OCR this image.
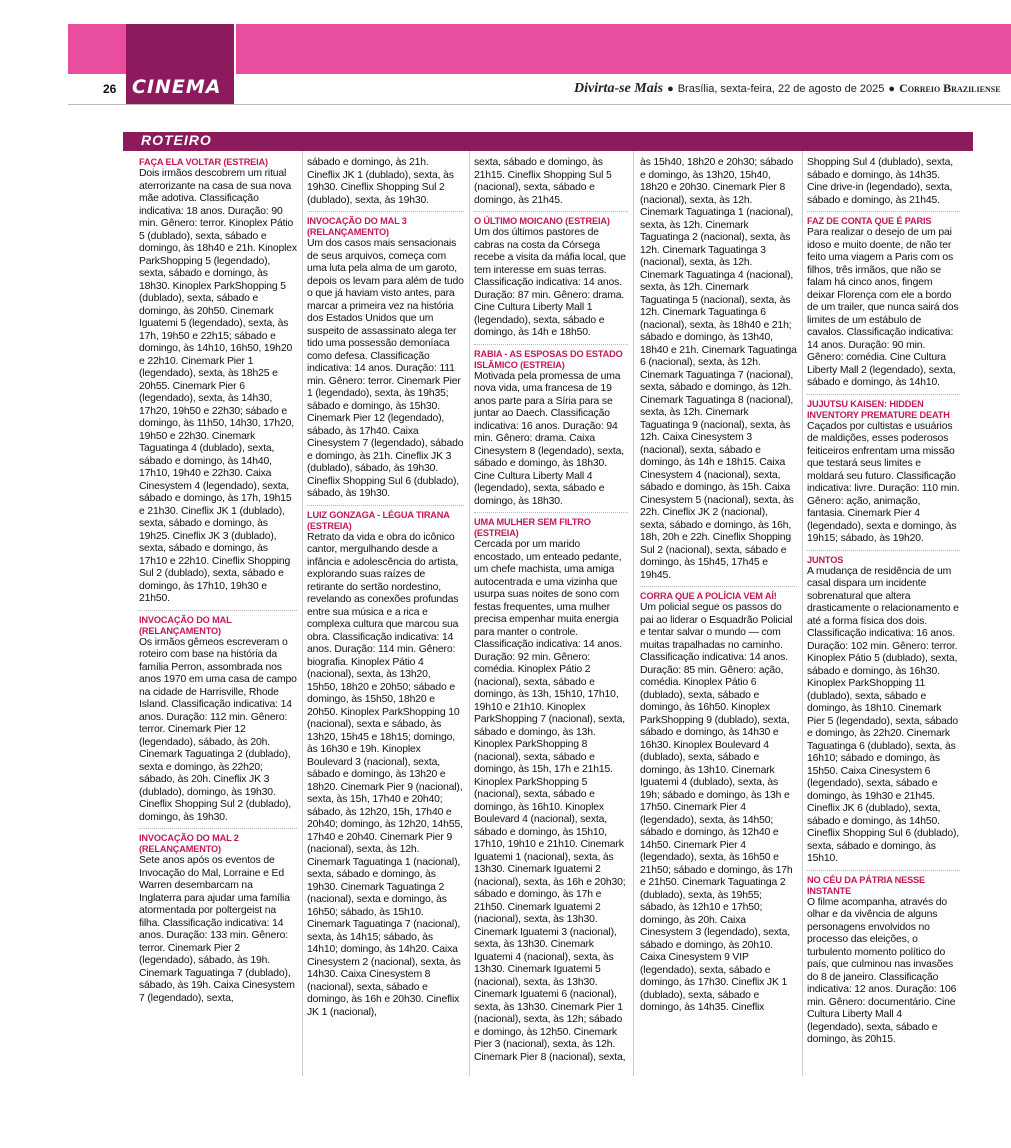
CINEMA
26	Divirta-se Mais ● Brasília, sexta-feira, 22 de agosto de 2025 ● Correio Braziliense
ROTEIRO
FAÇA ELA VOLTAR (ESTREIA)
Dois irmãos descobrem um ritual aterrorizante na casa de sua nova mãe adotiva. Classificação indicativa: 18 anos. Duração: 90 min. Gênero: terror. Kinoplex Pátio 5 (dublado), sexta, sábado e domingo, às 18h40 e 21h. Kinoplex ParkShopping 5 (legendado), sexta, sábado e domingo, às 18h30. Kinoplex ParkShopping 5 (dublado), sexta, sábado e domingo, às 20h50. Cinemark Iguatemi 5 (legendado), sexta, às 17h, 19h50 e 22h15; sábado e domingo, às 14h10, 16h50, 19h20 e 22h10. Cinemark Pier 1 (legendado), sexta, às 18h25 e 20h55. Cinemark Pier 6 (legendado), sexta, às 14h30, 17h20, 19h50 e 22h30; sábado e domingo, às 11h50, 14h30, 17h20, 19h50 e 22h30. Cinemark Taguatinga 4 (dublado), sexta, sábado e domingo, às 14h40, 17h10, 19h40 e 22h30. Caixa Cinesystem 4 (legendado), sexta, sábado e domingo, às 17h, 19h15 e 21h30. Cineflix JK 1 (dublado), sexta, sábado e domingo, às 19h25. Cineflix JK 3 (dublado), sexta, sábado e domingo, às 17h10 e 22h10. Cineflix Shopping Sul 2 (dublado), sexta, sábado e domingo, às 17h10, 19h30 e 21h50.
INVOCAÇÃO DO MAL (RELANÇAMENTO)
Os irmãos gêmeos escreveram o roteiro com base na história da família Perron, assombrada nos anos 1970 em uma casa de campo na cidade de Harrisville, Rhode Island. Classificação indicativa: 14 anos. Duração: 112 min. Gênero: terror. Cinemark Pier 12 (legendado), sábado, às 20h. Cinemark Taguatinga 2 (dublado), sexta e domingo, às 22h20; sábado, às 20h. Cineflix JK 3 (dublado), domingo, às 19h30. Cineflix Shopping Sul 2 (dublado), domingo, às 19h30.
INVOCAÇÃO DO MAL 2 (RELANÇAMENTO)
Sete anos após os eventos de Invocação do Mal, Lorraine e Ed Warren desembarcam na Inglaterra para ajudar uma família atormentada por poltergeist na filha. Classificação indicativa: 14 anos. Duração: 133 min. Gênero: terror. Cinemark Pier 2 (legendado), sábado, às 19h. Cinemark Taguatinga 7 (dublado), sábado, às 19h. Caixa Cinesystem 7 (legendado), sexta,
sábado e domingo, às 21h. Cineflix JK 1 (dublado), sexta, às 19h30. Cineflix Shopping Sul 2 (dublado), sexta, às 19h30.
INVOCAÇÃO DO MAL 3 (RELANÇAMENTO)
Um dos casos mais sensacionais de seus arquivos, começa com uma luta pela alma de um garoto, depois os levam para além de tudo o que já haviam visto antes, para marcar a primeira vez na história dos Estados Unidos que um suspeito de assassinato alega ter tido uma possessão demoníaca como defesa. Classificação indicativa: 14 anos. Duração: 111 min. Gênero: terror. Cinemark Pier 1 (legendado), sexta, às 19h35; sábado e domingo, às 15h30. Cinemark Pier 12 (legendado), sábado, às 17h40. Caixa Cinesystem 7 (legendado), sábado e domingo, às 21h. Cineflix JK 3 (dublado), sábado, às 19h30. Cineflix Shopping Sul 6 (dublado), sábado, às 19h30.
LUIZ GONZAGA - LÉGUA TIRANA (ESTREIA)
Retrato da vida e obra do icônico cantor, mergulhando desde a infância e adolescência do artista, explorando suas raízes de retirante do sertão nordestino, revelando as conexões profundas entre sua música e a rica e complexa cultura que marcou sua obra. Classificação indicativa: 14 anos. Duração: 114 min. Gênero: biografia. Kinoplex Pátio 4 (nacional), sexta, às 13h20, 15h50, 18h20 e 20h50; sábado e domingo, às 15h50, 18h20 e 20h50. Kinoplex ParkShopping 10 (nacional), sexta e sábado, às 13h20, 15h45 e 18h15; domingo, às 16h30 e 19h. Kinoplex Boulevard 3 (nacional), sexta, sábado e domingo, às 13h20 e 18h20. Cinemark Pier 9 (nacional), sexta, às 15h, 17h40 e 20h40; sábado, às 12h20, 15h, 17h40 e 20h40; domingo, às 12h20, 14h55, 17h40 e 20h40. Cinemark Pier 9 (nacional), sexta, às 12h. Cinemark Taguatinga 1 (nacional), sexta, sábado e domingo, às 19h30. Cinemark Taguatinga 2 (nacional), sexta e domingo, às 16h50; sábado, às 15h10. Cinemark Taguatinga 7 (nacional), sexta, às 14h15; sábado, às 14h10; domingo, às 14h20. Caixa Cinesystem 2 (nacional), sexta, às 14h30. Caixa Cinesystem 8 (nacional), sexta, sábado e domingo, às 16h e 20h30. Cineflix JK 1 (nacional),
sexta, sábado e domingo, às 21h15. Cineflix Shopping Sul 5 (nacional), sexta, sábado e domingo, às 21h45.
O ÚLTIMO MOICANO (ESTREIA)
Um dos últimos pastores de cabras na costa da Córsega recebe a visita da máfia local, que tem interesse em suas terras. Classificação indicativa: 14 anos. Duração: 87 min. Gênero: drama. Cine Cultura Liberty Mall 1 (legendado), sexta, sábado e domingo, às 14h e 18h50.
RABIA - AS ESPOSAS DO ESTADO ISLÂMICO (ESTREIA)
Motivada pela promessa de uma nova vida, uma francesa de 19 anos parte para a Síria para se juntar ao Daech. Classificação indicativa: 16 anos. Duração: 94 min. Gênero: drama. Caixa Cinesystem 8 (legendado), sexta, sábado e domingo, às 18h30. Cine Cultura Liberty Mall 4 (legendado), sexta, sábado e domingo, às 18h30.
UMA MULHER SEM FILTRO (ESTREIA)
Cercada por um marido encostado, um enteado pedante, um chefe machista, uma amiga autocentrada e uma vizinha que usurpa suas noites de sono com festas frequentes, uma mulher precisa empenhar muita energia para manter o controle. Classificação indicativa: 14 anos. Duração: 92 min. Gênero: comédia. Kinoplex Pátio 2 (nacional), sexta, sábado e domingo, às 13h, 15h10, 17h10, 19h10 e 21h10. Kinoplex ParkShopping 7 (nacional), sexta, sábado e domingo, às 13h. Kinoplex ParkShopping 8 (nacional), sexta, sábado e domingo, às 15h, 17h e 21h15. Kinoplex ParkShopping 5 (nacional), sexta, sábado e domingo, às 16h10. Kinoplex Boulevard 4 (nacional), sexta, sábado e domingo, às 15h10, 17h10, 19h10 e 21h10. Cinemark Iguatemi 1 (nacional), sexta, às 13h30. Cinemark Iguatemi 2 (nacional), sexta, às 16h e 20h30; sábado e domingo, às 17h e 21h50. Cinemark Iguatemi 2 (nacional), sexta, às 13h30. Cinemark Iguatemi 3 (nacional), sexta, às 13h30. Cinemark Iguatemi 4 (nacional), sexta, às 13h30. Cinemark Iguatemi 5 (nacional), sexta, às 13h30. Cinemark Iguatemi 6 (nacional), sexta, às 13h30. Cinemark Pier 1 (nacional), sexta, às 12h; sábado e domingo, às 12h50. Cinemark Pier 3 (nacional), sexta, às 12h. Cinemark Pier 8 (nacional), sexta,
às 15h40, 18h20 e 20h30; sábado e domingo, às 13h20, 15h40, 18h20 e 20h30. Cinemark Pier 8 (nacional), sexta, às 12h. Cinemark Taguatinga 1 (nacional), sexta, às 12h. Cinemark Taguatinga 2 (nacional), sexta, às 12h. Cinemark Taguatinga 3 (nacional), sexta, às 12h. Cinemark Taguatinga 4 (nacional), sexta, às 12h. Cinemark Taguatinga 5 (nacional), sexta, às 12h. Cinemark Taguatinga 6 (nacional), sexta, às 18h40 e 21h; sábado e domingo, às 13h40, 18h40 e 21h. Cinemark Taguatinga 6 (nacional), sexta, às 12h. Cinemark Taguatinga 7 (nacional), sexta, sábado e domingo, às 12h. Cinemark Taguatinga 8 (nacional), sexta, às 12h. Cinemark Taguatinga 9 (nacional), sexta, às 12h. Caixa Cinesystem 3 (nacional), sexta, sábado e domingo, às 14h e 18h15. Caixa Cinesystem 4 (nacional), sexta, sábado e domingo, às 15h. Caixa Cinesystem 5 (nacional), sexta, às 22h. Cineflix JK 2 (nacional), sexta, sábado e domingo, às 16h, 18h, 20h e 22h. Cineflix Shopping Sul 2 (nacional), sexta, sábado e domingo, às 15h45, 17h45 e 19h45.
CORRA QUE A POLÍCIA VEM AÍ!
Um policial segue os passos do pai ao liderar o Esquadrão Policial e tentar salvar o mundo — com muitas trapalhadas no caminho. Classificação indicativa: 14 anos. Duração: 85 min. Gênero: ação, comédia. Kinoplex Pátio 6 (dublado), sexta, sábado e domingo, às 16h50. Kinoplex ParkShopping 9 (dublado), sexta, sábado e domingo, às 14h30 e 16h30. Kinoplex Boulevard 4 (dublado), sexta, sábado e domingo, às 13h10. Cinemark Iguatemi 4 (dublado), sexta, às 19h; sábado e domingo, às 13h e 17h50. Cinemark Pier 4 (legendado), sexta, às 14h50; sábado e domingo, às 12h40 e 14h50. Cinemark Pier 4 (legendado), sexta, às 16h50 e 21h50; sábado e domingo, às 17h e 21h50. Cinemark Taguatinga 2 (dublado), sexta, às 19h55; sábado, às 12h10 e 17h50; domingo, às 20h. Caixa Cinesystem 3 (legendado), sexta, sábado e domingo, às 20h10. Caixa Cinesystem 9 VIP (legendado), sexta, sábado e domingo, às 17h30. Cineflix JK 1 (dublado), sexta, sábado e domingo, às 14h35. Cineflix
Shopping Sul 4 (dublado), sexta, sábado e domingo, às 14h35. Cine drive-in (legendado), sexta, sábado e domingo, às 21h45.
FAZ DE CONTA QUE É PARIS
Para realizar o desejo de um pai idoso e muito doente, de não ter feito uma viagem a Paris com os filhos, três irmãos, que não se falam há cinco anos, fingem deixar Florença com ele a bordo de um trailer, que nunca sairá dos limites de um estábulo de cavalos. Classificação indicativa: 14 anos. Duração: 90 min. Gênero: comédia. Cine Cultura Liberty Mall 2 (legendado), sexta, sábado e domingo, às 14h10.
JUJUTSU KAISEN: HIDDEN INVENTORY PREMATURE DEATH
Caçados por cultistas e usuários de maldições, esses poderosos feiticeiros enfrentam uma missão que testará seus limites e moldará seu futuro. Classificação indicativa: livre. Duração: 110 min. Gênero: ação, animação, fantasia. Cinemark Pier 4 (legendado), sexta e domingo, às 19h15; sábado, às 19h20.
JUNTOS
A mudança de residência de um casal dispara um incidente sobrenatural que altera drasticamente o relacionamento e até a forma física dos dois. Classificação indicativa: 16 anos. Duração: 102 min. Gênero: terror. Kinoplex Pátio 5 (dublado), sexta, sábado e domingo, às 16h30. Kinoplex ParkShopping 11 (dublado), sexta, sábado e domingo, às 18h10. Cinemark Pier 5 (legendado), sexta, sábado e domingo, às 22h20. Cinemark Taguatinga 6 (dublado), sexta, às 16h10; sábado e domingo, às 15h50. Caixa Cinesystem 6 (legendado), sexta, sábado e domingo, às 19h30 e 21h45. Cineflix JK 6 (dublado), sexta, sábado e domingo, às 14h50. Cineflix Shopping Sul 6 (dublado), sexta, sábado e domingo, às 15h10.
NO CÉU DA PÁTRIA NESSE INSTANTE
O filme acompanha, através do olhar e da vivência de alguns personagens envolvidos no processo das eleições, o turbulento momento político do país, que culminou nas invasões do 8 de janeiro. Classificação indicativa: 12 anos. Duração: 106 min. Gênero: documentário. Cine Cultura Liberty Mall 4 (legendado), sexta, sábado e domingo, às 20h15.
